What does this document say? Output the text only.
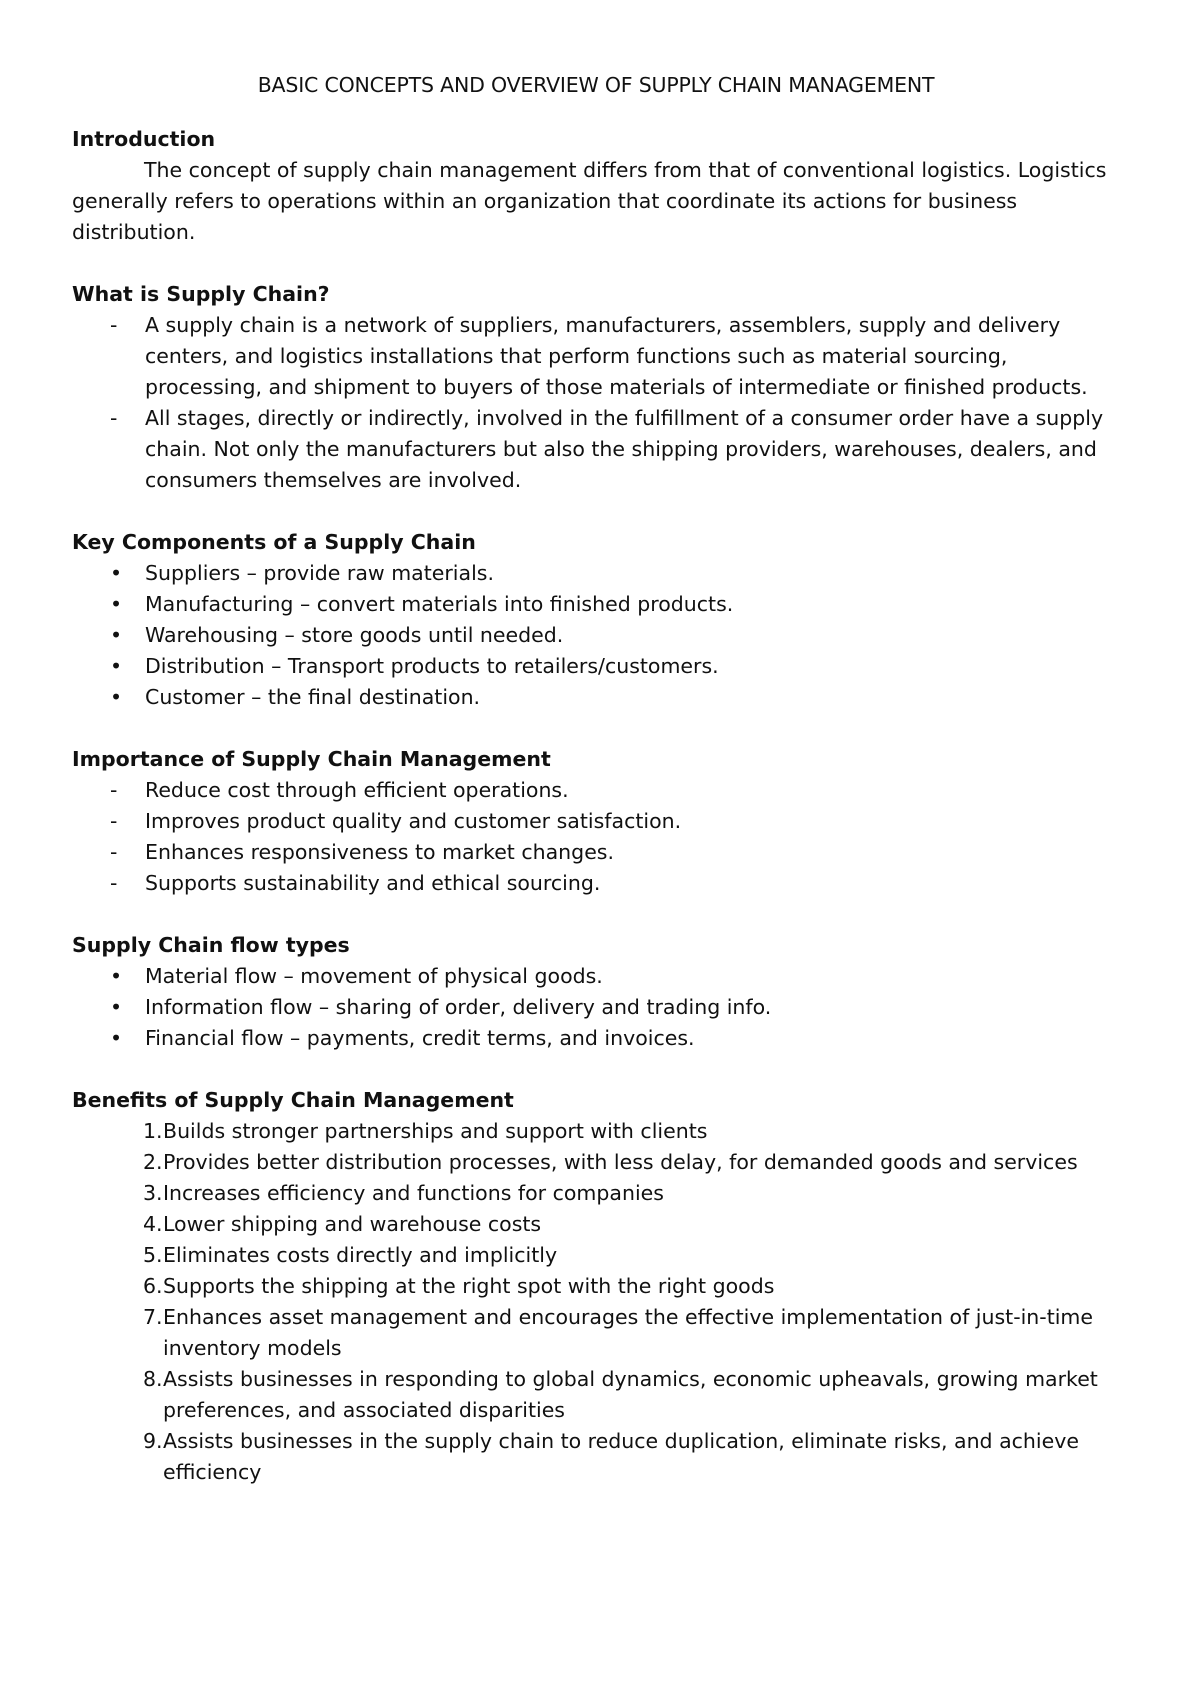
BASIC CONCEPTS AND OVERVIEW OF SUPPLY CHAIN MANAGEMENT

Introduction

The concept of supply chain management differs from that of conventional logistics. Logistics generally refers to operations within an organization that coordinate its actions for business distribution.

What is Supply Chain?

-	A supply chain is a network of suppliers, manufacturers, assemblers, supply and delivery centers, and logistics installations that perform functions such as material sourcing, processing, and shipment to buyers of those materials of intermediate or finished products.
-	All stages, directly or indirectly, involved in the fulfillment of a consumer order have a supply chain. Not only the manufacturers but also the shipping providers, warehouses, dealers, and consumers themselves are involved.

Key Components of a Supply Chain

•	Suppliers – provide raw materials.
•	Manufacturing – convert materials into finished products.
•	Warehousing – store goods until needed.
•	Distribution – Transport products to retailers/customers.
•	Customer – the final destination.

Importance of Supply Chain Management

-	Reduce cost through efficient operations.
-	Improves product quality and customer satisfaction.
-	Enhances responsiveness to market changes.
-	Supports sustainability and ethical sourcing.

Supply Chain flow types

•	Material flow – movement of physical goods.
•	Information flow – sharing of order, delivery and trading info.
•	Financial flow – payments, credit terms, and invoices.

Benefits of Supply Chain Management

1. Builds stronger partnerships and support with clients
2. Provides better distribution processes, with less delay, for demanded goods and services
3. Increases efficiency and functions for companies
4. Lower shipping and warehouse costs
5. Eliminates costs directly and implicitly
6. Supports the shipping at the right spot with the right goods
7. Enhances asset management and encourages the effective implementation of just-in-time inventory models
8. Assists businesses in responding to global dynamics, economic upheavals, growing market preferences, and associated disparities
9. Assists businesses in the supply chain to reduce duplication, eliminate risks, and achieve efficiency
